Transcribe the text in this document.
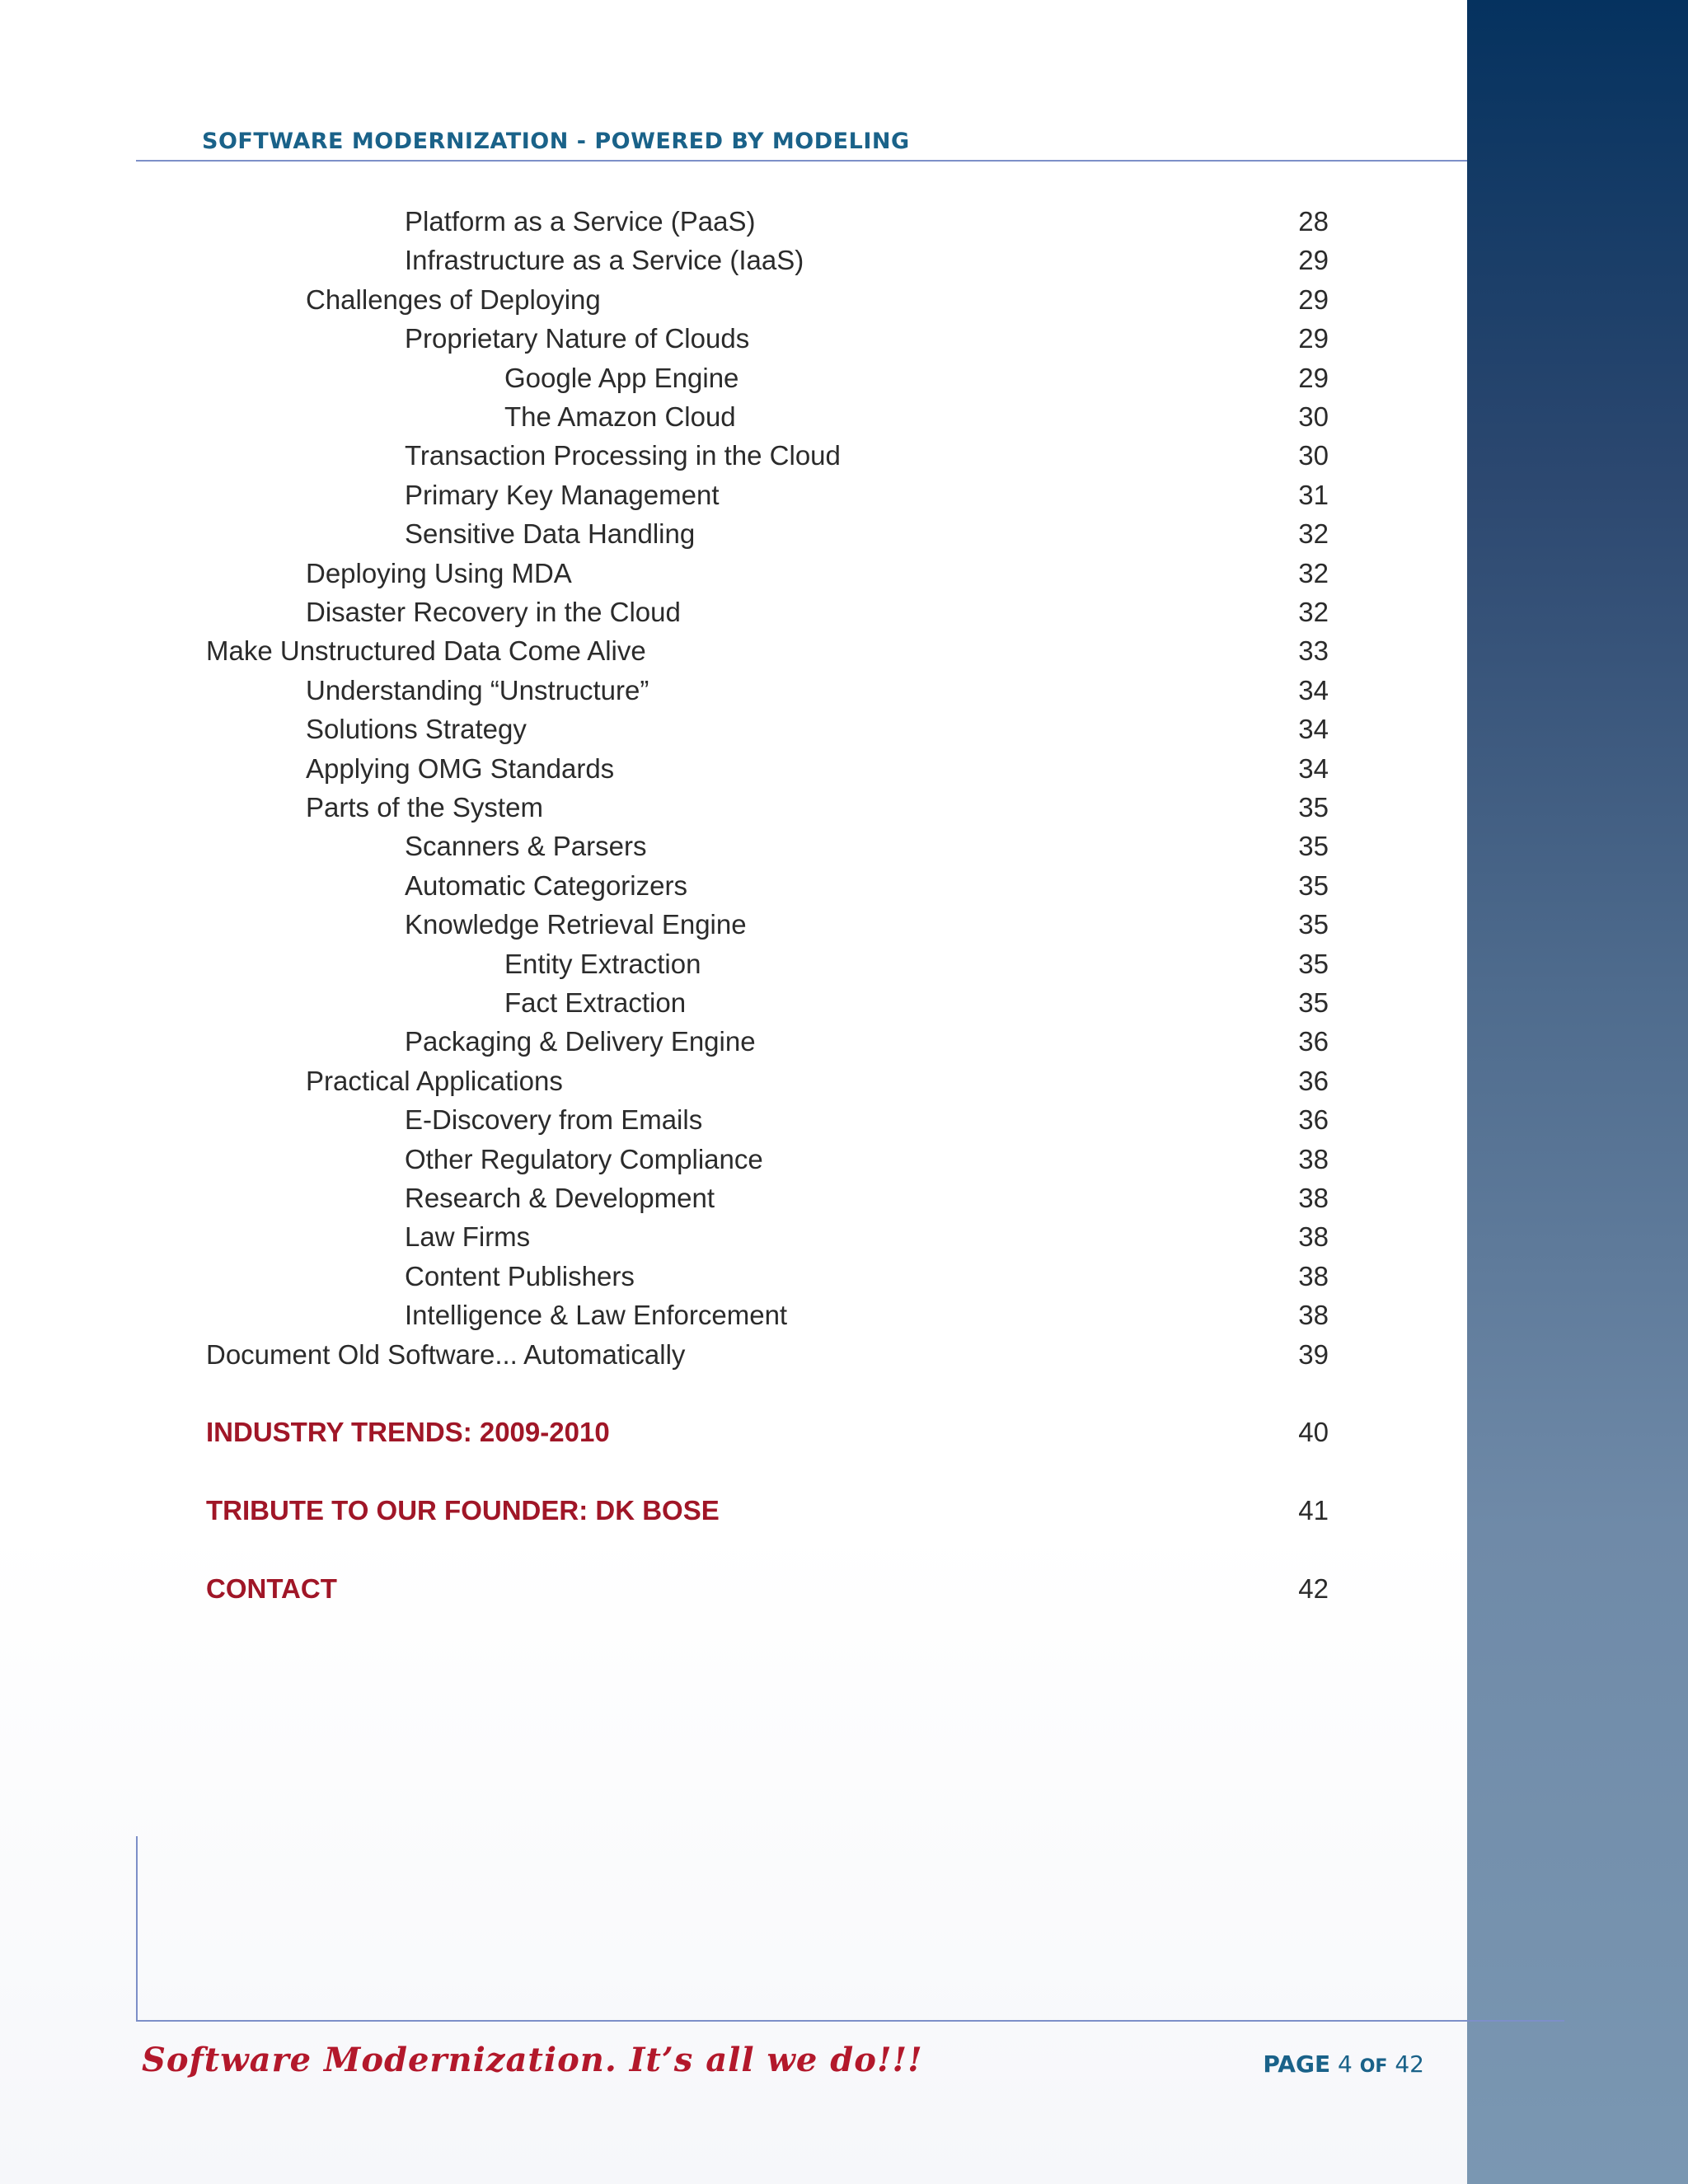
SOFTWARE MODERNIZATION - POWERED BY MODELING
Platform as a Service (PaaS)	28
Infrastructure as a Service (IaaS)	29
Challenges of Deploying	29
Proprietary Nature of Clouds	29
Google App Engine	29
The Amazon Cloud	30
Transaction Processing in the Cloud	30
Primary Key Management	31
Sensitive Data Handling	32
Deploying Using MDA	32
Disaster Recovery in the Cloud	32
Make Unstructured Data Come Alive	33
Understanding “Unstructure”	34
Solutions Strategy	34
Applying OMG Standards	34
Parts of the System	35
Scanners & Parsers	35
Automatic Categorizers	35
Knowledge Retrieval Engine	35
Entity Extraction	35
Fact Extraction	35
Packaging & Delivery Engine	36
Practical Applications	36
E-Discovery from Emails	36
Other Regulatory Compliance	38
Research & Development	38
Law Firms	38
Content Publishers	38
Intelligence & Law Enforcement	38
Document Old Software... Automatically	39
INDUSTRY TRENDS: 2009-2010	40
TRIBUTE TO OUR FOUNDER: DK BOSE	41
CONTACT	42
Software Modernization. It’s all we do!!!	PAGE 4 OF 42
